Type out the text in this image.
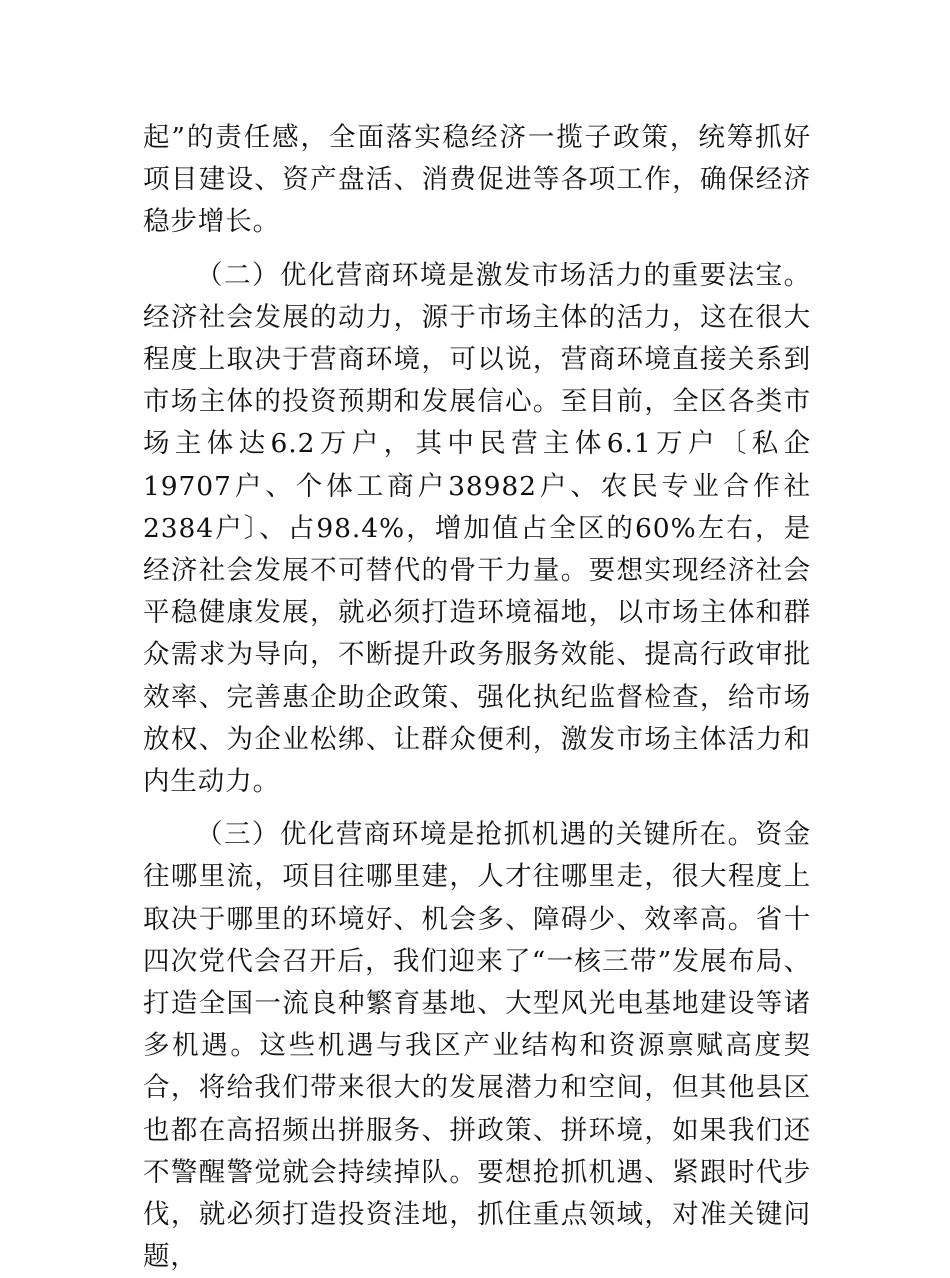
起”的责任感，全面落实稳经济一揽子政策，统筹抓好项目建设、资产盘活、消费促进等各项工作，确保经济稳步增长。

（二）优化营商环境是激发市场活力的重要法宝。经济社会发展的动力，源于市场主体的活力，这在很大程度上取决于营商环境，可以说，营商环境直接关系到市场主体的投资预期和发展信心。至目前，全区各类市场主体达6.2万户，其中民营主体6.1万户〔私企19707户、个体工商户38982户、农民专业合作社2384户〕、占98.4%，增加值占全区的60%左右，是经济社会发展不可替代的骨干力量。要想实现经济社会平稳健康发展，就必须打造环境福地，以市场主体和群众需求为导向，不断提升政务服务效能、提高行政审批效率、完善惠企助企政策、强化执纪监督检查，给市场放权、为企业松绑、让群众便利，激发市场主体活力和内生动力。

（三）优化营商环境是抢抓机遇的关键所在。资金往哪里流，项目往哪里建，人才往哪里走，很大程度上取决于哪里的环境好、机会多、障碍少、效率高。省十四次党代会召开后，我们迎来了“一核三带”发展布局、打造全国一流良种繁育基地、大型风光电基地建设等诸多机遇。这些机遇与我区产业结构和资源禀赋高度契合，将给我们带来很大的发展潜力和空间，但其他县区也都在高招频出拼服务、拼政策、拼环境，如果我们还不警醒警觉就会持续掉队。要想抢抓机遇、紧跟时代步伐，就必须打造投资洼地，抓住重点领域，对准关键问题，
